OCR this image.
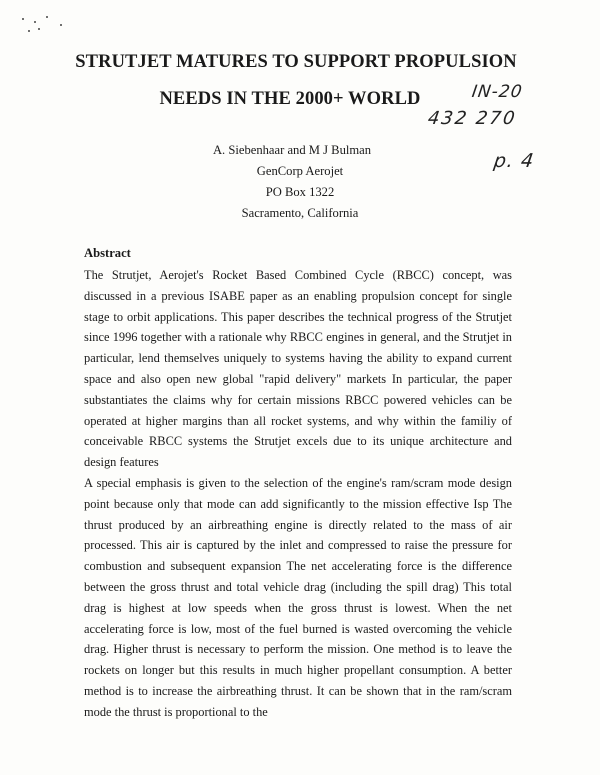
STRUTJET MATURES TO SUPPORT PROPULSION
NEEDS IN THE 2000+ WORLD	IN-20
432 270
p. 4
A. Siebenhaar and M J Bulman
GenCorp Aerojet
PO Box 1322
Sacramento, California
Abstract

The Strutjet, Aerojet's Rocket Based Combined Cycle (RBCC) concept, was discussed in a previous ISABE paper as an enabling propulsion concept for single stage to orbit applications. This paper describes the technical progress of the Strutjet since 1996 together with a rationale why RBCC engines in general, and the Strutjet in particular, lend themselves uniquely to systems having the ability to expand current space and also open new global "rapid delivery" markets In particular, the paper substantiates the claims why for certain missions RBCC powered vehicles can be operated at higher margins than all rocket systems, and why within the familiy of conceivable RBCC systems the Strutjet excels due to its unique architecture and design features

A special emphasis is given to the selection of the engine's ram/scram mode design point because only that mode can add significantly to the mission effective Isp The thrust produced by an airbreathing engine is directly related to the mass of air processed. This air is captured by the inlet and compressed to raise the pressure for combustion and subsequent expansion The net accelerating force is the difference between the gross thrust and total vehicle drag (including the spill drag) This total drag is highest at low speeds when the gross thrust is lowest. When the net accelerating force is low, most of the fuel burned is wasted overcoming the vehicle drag. Higher thrust is necessary to perform the mission. One method is to leave the rockets on longer but this results in much higher propellant consumption. A better method is to increase the airbreathing thrust. It can be shown that in the ram/scram mode the thrust is proportional to the
